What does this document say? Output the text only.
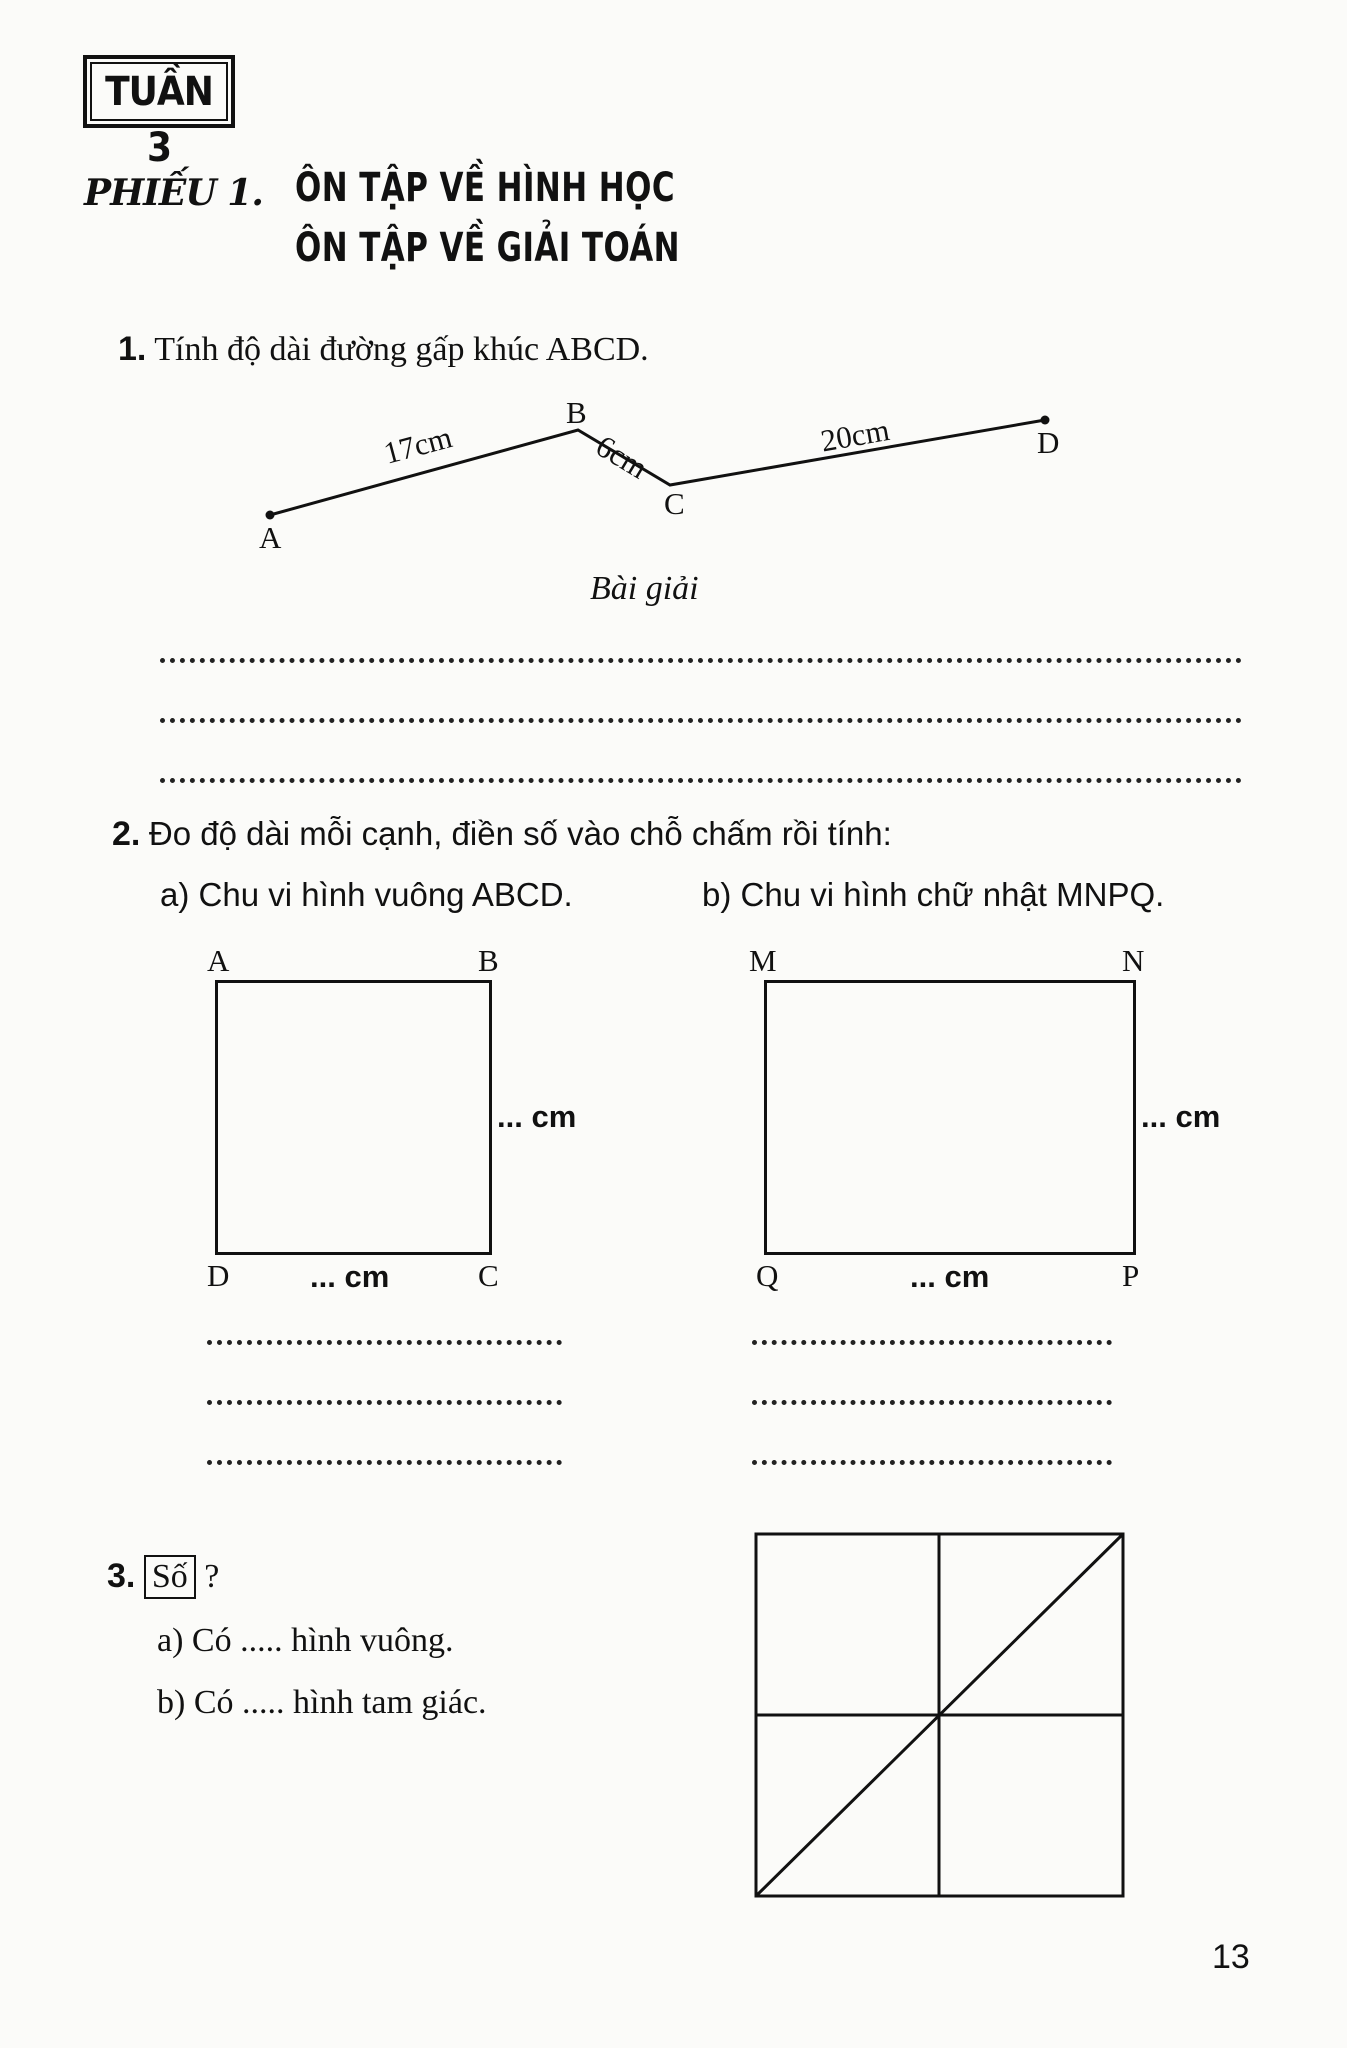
TUẦN 3
PHIẾU 1. ÔN TẬP VỀ HÌNH HỌC
ÔN TẬP VỀ GIẢI TOÁN
1. Tính độ dài đường gấp khúc ABCD.
A
B
C
D
17cm	6cm	20cm
Bài giải
2. Đo độ dài mỗi cạnh, điền số vào chỗ chấm rồi tính:
a) Chu vi hình vuông ABCD.	b) Chu vi hình chữ nhật MNPQ.
A	B
C
D
... cm
... cm
M	N
P
Q
... cm
... cm
3. Số ?
a) Có ..... hình vuông.
b) Có ..... hình tam giác.
13
